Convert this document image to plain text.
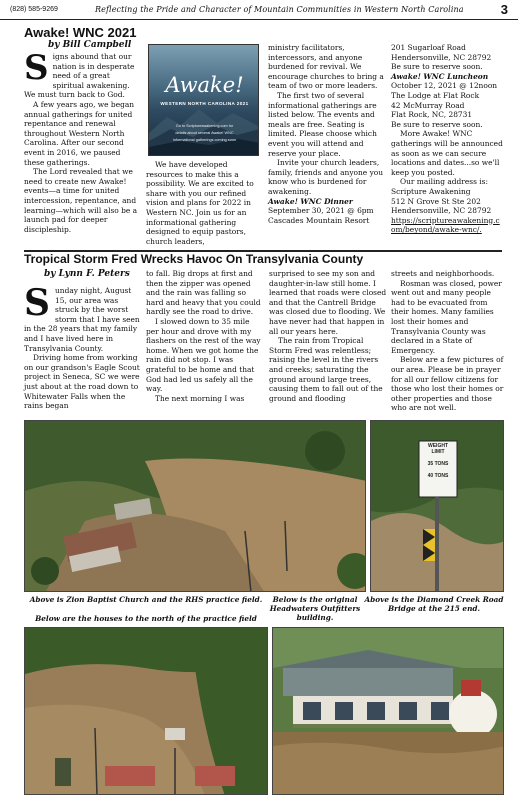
(828) 585-9269	Reflecting the Pride and Character of Mountain Communities in Western North Carolina	3
Awake! WNC 2021
by Bill Campbell

Signs abound that our nation is in desperate need of a great spiritual awakening. We must turn back to God.

A few years ago, we began annual gatherings for united repentance and renewal throughout Western North Carolina. After our second event in 2016, we paused these gatherings.

The Lord revealed that we need to create new Awake! events—a time for united intercession, repentance, and learning—which will also be a launch pad for deeper discipleship.

Awake!
WESTERN NORTH CAROLINA 2021
Go to Scriptureawakening.com for
details about several Awake! WNC
informational gatherings coming soon

We have developed resources to make this a possibility. We are excited to share with you our refined vision and plans for 2022 in Western NC. Join us for an informational gathering designed to equip pastors, church leaders,

ministry facilitators, intercessors, and anyone burdened for revival. We encourage churches to bring a team of two or more leaders.

The first two of several informational gatherings are listed below. The events and meals are free. Seating is limited. Please choose which event you will attend and reserve your place.

Invite your church leaders, family, friends and anyone you know who is burdened for awakening.

Awake! WNC Dinner

September 30, 2021 @ 6pm

Cascades Mountain Resort

201 Sugarloaf Road

Hendersonville, NC 28792

Be sure to reserve soon.

Awake! WNC Luncheon

October 12, 2021 @ 12noon

The Lodge at Flat Rock

42 McMurray Road

Flat Rock, NC, 28731

Be sure to reserve soon.

More Awake! WNC gatherings will be announced as soon as we can secure locations and dates...so we'll keep you posted.

Our mailing address is:

Scripture Awakening

512 N Grove St Ste 202

Hendersonville, NC 28792

https://scriptureawakening.com/beyond/awake-wnc/.

Tropical Storm Fred Wrecks Havoc On Transylvania County
by Lynn F. Peters

Sunday night, August 15, our area was struck by the worst storm that I have seen in the 28 years that my family and I have lived here in Transylvania County.

Driving home from working on our grandson's Eagle Scout project in Seneca, SC we were just about at the road down to Whitewater Falls when the rains began

to fall. Big drops at first and then the zipper was opened and the rain was falling so hard and heavy that you could hardly see the road to drive.

I slowed down to 35 mile per hour and drove with my flashers on the rest of the way home. When we got home the rain did not stop. I was grateful to be home and that God had led us safely all the way.

The next morning I was

surprised to see my son and daughter-in-law still home. I learned that roads were closed and that the Cantrell Bridge was closed due to flooding. We have never had that happen in all our years here.

The rain from Tropical Storm Fred was relentless; raising the level in the rivers and creeks; saturating the ground around large trees, causing them to fall out of the ground and flooding

streets and neighborhoods.

Rosman was closed, power went out and many people had to be evacuated from their homes. Many families lost their homes and Transylvania County was declared in a State of Emergency.

Below are a few pictures of our area. Please be in prayer for all our fellow citizens for those who lost their homes or other properties and those who are not well.

WEIGHT
LIMIT
35 TONS
40 TONS
Above is Zion Baptist Church and the RHS practice field.	Below is the original Headwaters Outfitters building.
Above is the Diamond Creek Road Bridge at the 215 end.
Below are the houses to the north of the practice field
